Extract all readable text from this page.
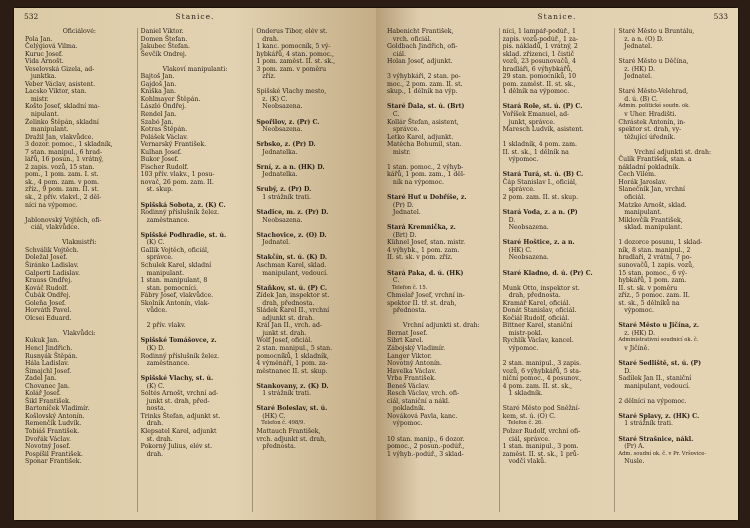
532	Stanice.
Oficiálové:
Pola Jan.
Čelýgiová Vilma.
Kuruc Josef.
Vida Arnošt.
Veselovská Gizela, ad-
junktka.
Veber Václav, asistent.
Lacsko Viktor, stan.
mistr.
Košto Josef, skladní ma-
nipulant.
Želinko Štěpán, skladní
manipulant.
Dražil Jan, vlakvůdce.
3 dozor. pomoc., 1 skladník,
7 stan. manipul., 6 hrad-
lářů, 16 posun., 1 vrátný,
2 zapis. vozů, 15 stan.
pom., 1 pom. zam. I. st.
sk., 4 pom. zam. v pom.
zříz., 9 pom. zam. II. st.
sk., 2 přív. vlakvl., 2 děl-
níci na výpomoc.

Jablonovský Vojtěch, ofi-
ciál, vlakvůdce.

Vlakmistři:
Schválik Vojtěch.
Doležal Josef.
Širánko Ladislav.
Galperti Ladislav.
Krauss Ondřej.
Kováč Rudolf.
Čubák Ondřej.
Goleňa Josef.
Horváth Pavel.
Olcsei Eduard.

Vlakvůdci:
Kukuk Jan.
Hencl Jindřich.
Rusnyák Štěpán.
Hála Ladislav.
Šimajchl Josef.
Zadel Jan.
Chovanec Jan.
Kolář Josef.
Šikl František.
Bartoníček Vladimír.
Košlovský Antonín.
Remenčík Ludvík.
Tobiáš František.
Dvořák Václav.
Novotný Josef.
Pospíšil František.
Sponar František.
Daniel Viktor.
Domen Štefan.
Jakubec Štefan.
Ševčík Ondrej.

Vlakoví manipulanti:
Bajtoš Jan.
Gajdoš Jan.
Kniška Jan.
Kohlmayer Štěpán.
László Ondřej.
Rendel Jan.
Szabó Jan.
Kotras Štěpán.
Polášek Václav.
Vernarský František.
Kulhan Josef.
Bukor Josef.
Fischer Rudolf.
103 přív. vlakv., 1 posu-
novač, 26 pom. zam. II.
st. skup.

Spišská Sobota, z. (K) C.
Rodinný příslušník želez.
zaměstnance.

Spišské Podhradie, st. ú.
(K) C.
Gallik Vojtěch, oficiál,
správce.
Schulek Karel, skladní
manipulant.
1 stan. manipulant, 8
stan. pomocníci.
Fábry Josef, vlakvůdce.
Skolník Antonín, vlak-
vůdce.

2 přív. vlakv.

Spišské Tomášovce, z.
(K) D.
Rodinný příslušník želez.
zaměstnance.

Spišské Vlachy, st. ú.
(K) C.
Soltés Arnošt, vrchní ad-
junkt st. drah, před-
nosta.
Trinks Štefan, adjunkt st.
drah.
Klepsatel Karel, adjunkt
st. drah.
Pokorný Julius, elév st.
drah.
Onderus Tibor, elév st.
drah.
1 kanc. pomocník, 5 vý-
hybkářů, 4 stan. pomoc.,
1 pom. zaměst. II. st. sk.,
3 pom. zam. v poměru
zříz.

Spišské Vlachy mesto,
z. (K) C.
Neobsazena.

Spořilov, z. (Pr) C.
Neobsazena.

Srbsko, z. (Pr) D.
Jednatelka.

Srní, z. a n. (HK) D.
Jednatelka.

Srubý, z. (Pr) D.
1 strážník trati.

Stadice, m. z. (Pr) D.
Neobsazena.

Stachovice, z. (O) D.
Jednatel.

Stakčín, st. ú. (K) D.
Aschman Karel, sklad.
manipulant, vedoucí.

Staňkov, st. ú. (P) C.
Zídek Jan, inspektor st.
drah, přednosta.
Sládek Karel II., vrchní
adjunkt st. drah.
Král Jan II., vrch. ad-
junkt st. drah.
Wolf Josef, oficiál.
2 stan. manipul., 5 stan.
pomocníků, 1 skladník,
4 výměnáři, 1 pom. za-
městnanec II. st. skup.

Stankovany, z. (K) D.
1 strážník trati.

Staré Boleslav, st. ú.
(HK) C.
Telefon č. 498/9.
Mattauch František,
vrch. adjunkt st. drah,
přednosta.
Stanice.	533
Habenicht František,
vrch. oficiál.
Goldbach Jindřich, ofi-
ciál.
Holan Josef, adjunkt.

3 výhybkáři, 2 stan. po-
moc., 2 pom. zam. II. st.
skup., 1 dělník na výp.

Staré Ďala, st. ú. (Brt)
C.
Kollár Štefan, asistent,
správce.
Letko Karel, adjunkt.
Matěcha Bohumil, stan.
mistr.

1 stan. pomoc., 2 výhyb-
kářů, 1 pom. zam., 1 děl-
ník na výpomoc.

Staré Huť u Dobříše, z.
(Pr) D.
Jednatel.

Stará Kremnička, z.
(Brt) D.
Kühnel Josef, stan. mistr.
4 výhybk., 1 pom. zam.
II. st. sk. v pom. zříz.

Stará Paka, d. ú. (HK)
C.
Telefon č. 15.
Chmelař Josef, vrchní in-
spektor II. tř. st. drah,
přednosta.

Vrchní adjunkti st. drah:
Bernat Josef.
Sibrt Karel.
Zábojský Vladimír.
Langer Viktor.
Novotný Antonín.
Havelka Václav.
Vrba František.
Beneš Václav.
Resch Václav, vrch. ofi-
ciál, staniční a nákl.
pokladník.
Nováková Pavla, kanc.
výpomoc.

10 stan. manip., 6 dozor.
pomoc., 2 posun.-podúř.,
1 výhyb.-podúř., 3 sklad-
níci, 1 lampář-podúř., 1
zapis. vozů-podúř., 1 za-
pis. nákladů, 1 vrátný, 2
sklad. zřízenci, 1 čistič
vozů, 23 posunovačů, 4
hradláři, 6 výhybkářů,
29 stan. pomocníků, 10
pom. zaměst. II. st. sk.,
1 dělník na výpomoc.

Stará Role, st. ú. (P) C.
Voříšek Emanuel, ad-
junkt, správce.
Maresch Ludvík, asistent.

1 skladník, 4 pom. zam.
II. st. sk., 1 dělník na
výpomoc.

Stará Turá, st. ú. (B) C.
Čáp Stanislav I., oficiál,
správce.
2 pom. zam. II. st. skup.

Stará Voda, z. a n. (P)
D.
Neobsazena.

Staré Hoštice, z. a n.
(HK) C.
Neobsazena.

Staré Kladno, d. ú. (Pr) C.

Munk Otto, inspektor st.
drah, přednosta.
Kramář Karel, oficiál.
Donát Stanislav, oficiál.
Kočiál Rudolf, oficiál.
Bittner Karel, staniční
mistr-pokl.
Rychlík Václav, kancel.
výpomoc.

2 stan. manipul., 3 zapis.
vozů, 6 výhybkářů, 5 sta-
niční pomoc., 4 posunov.,
4 pom. zam. II. st. sk.,
1 skladník.

Staré Město pod Sněžní-
kem, st. ú. (O) C.
Telefon č. 26.
Polzer Rudolf, vrchní ofi-
ciál, správce.
1 stan. manipul., 3 pom.
zaměst. II. st. sk., 1 prů-
vodčí vlaků.
Staré Město u Bruntálu,
z. a n. (O) D.
Jednatel.

Staré Město u Děčína,
z. (HK) D.
Jednatel.

Staré Město-Velehrad,
d. ú. (B) C.
Admin. politické soudn. ok.
v Uher. Hradišti.
Chrástek Antonín, in-
spektor st. drah, vy-
těžující úředník.

Vrchní adjunkti st. drah:
Čulík František, stan. a
nákladní pokladník.
Čech Vilém.
Horák Jaroslav.
Slanečník Jan, vrchní
oficiál.
Matzke Arnošt, sklad.
manipulant.
Miklovčík František,
sklad. manipulant.

1 dozorce posunu, 1 sklad-
ník, 8 stan. manipul., 2
hradlaři, 2 vrátní, 7 po-
sunovačů, 1 zapis. vozů,
15 stan. pomoc., 6 vý-
hybkářů, 1 pom. zam.
II. st. sk. v poměru
zříz., 5 pomoc. zam. II.
st. sk., 5 dělníků na
výpomoc.

Staré Město u Jičína, z.
z. (HK) D.
Administrativní soudnicí ok. č.
v Jičíně.

Staré Sedliště, st. ú. (P)
D.
Sadílek Jan II., staniční
manipulant, vedoucí.

2 dělníci na výpomoc.

Staré Splavy, z. (HK) C.
1 strážník trati.

Staré Strašnice, nákl.
(Pr) A.
Adm. soudní ok. č. v Pr. Vršovice-
Nusle.
